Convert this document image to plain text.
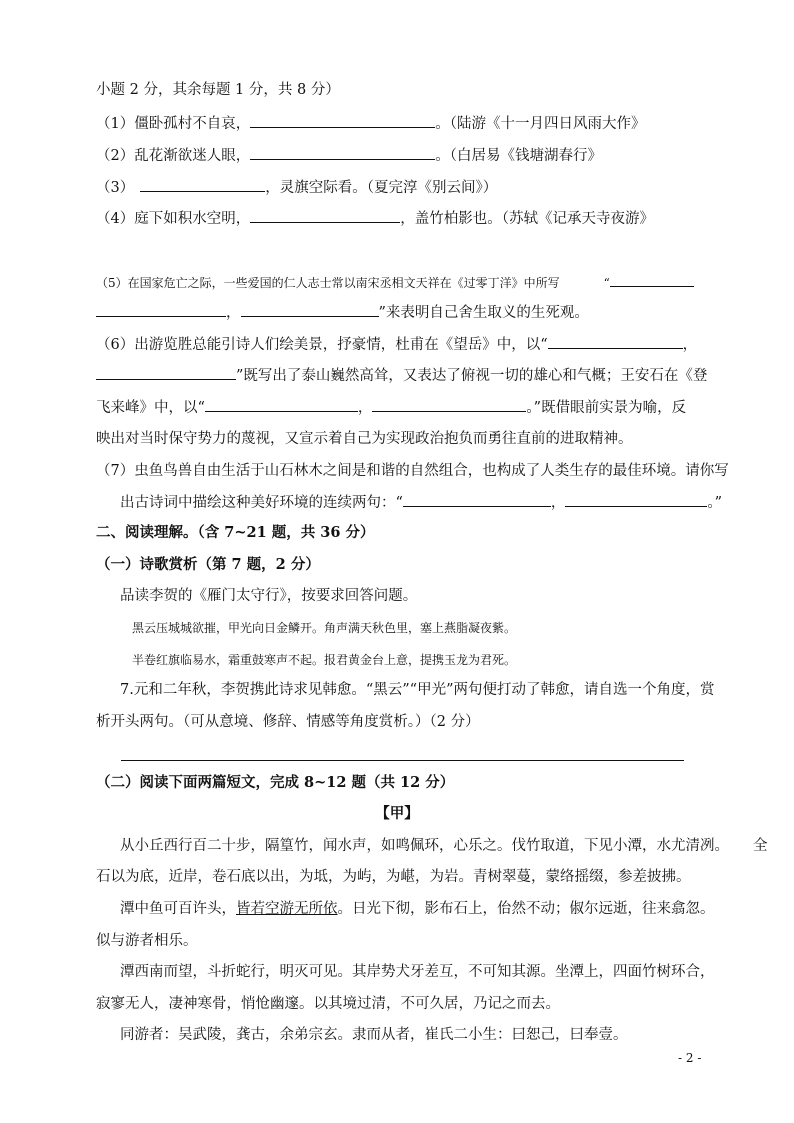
小题 2 分，其余每题 1 分，共 8 分）
（1）僵卧孤村不自哀，	。（陆游《十一月四日风雨大作》
（2）乱花渐欲迷人眼，	。（白居易《钱塘湖春行》
（3）	，灵旗空际看。（夏完淳《别云间》）
（4）庭下如积水空明，	，盖竹柏影也。（苏轼《记承天寺夜游》
（5）在国家危亡之际，一些爱国的仁人志士常以南宋丞相文天祥在《过零丁洋》中所写	“
，	”来表明自己舍生取义的生死观。
（6）出游览胜总能引诗人们绘美景，抒豪情，杜甫在《望岳》中，以“	，
”既写出了泰山巍然高耸，又表达了俯视一切的雄心和气概；王安石在《登
飞来峰》中，以“	，	。”既借眼前实景为喻，反
映出对当时保守势力的蔑视，又宣示着自己为实现政治抱负而勇往直前的进取精神。
（7）虫鱼鸟兽自由生活于山石林木之间是和谐的自然组合，也构成了人类生存的最佳环境。请你写
出古诗词中描绘这种美好环境的连续两句：“	，	。”
二、阅读理解。（含 7~21 题，共 36 分）
（一）诗歌赏析（第 7 题，2 分）
品读李贺的《雁门太守行》，按要求回答问题。
黑云压城城欲摧，甲光向日金鳞开。角声满天秋色里，塞上燕脂凝夜紫。
半卷红旗临易水，霜重鼓寒声不起。报君黄金台上意，提携玉龙为君死。
7.元和二年秋，李贺携此诗求见韩愈。“黑云”“甲光”两句便打动了韩愈，请自选一个角度，赏
析开头两句。（可从意境、修辞、情感等角度赏析。）（2 分）
（二）阅读下面两篇短文，完成 8~12 题（共 12 分）
【甲】
从小丘西行百二十步，隔篁竹，闻水声，如鸣佩环，心乐之。伐竹取道，下见小潭，水尤清冽。 全
石以为底，近岸，卷石底以出，为坻，为屿，为嵁，为岩。青树翠蔓，蒙络摇缀，参差披拂。
潭中鱼可百许头，皆若空游无所依。日光下彻，影布石上，佁然不动；俶尔远逝，往来翕忽。
似与游者相乐。
潭西南而望，斗折蛇行，明灭可见。其岸势犬牙差互，不可知其源。坐潭上，四面竹树环合，
寂寥无人，凄神寒骨，悄怆幽邃。以其境过清，不可久居，乃记之而去。
同游者：吴武陵，龚古，余弟宗玄。隶而从者，崔氏二小生：曰恕己，曰奉壹。
- 2 -
